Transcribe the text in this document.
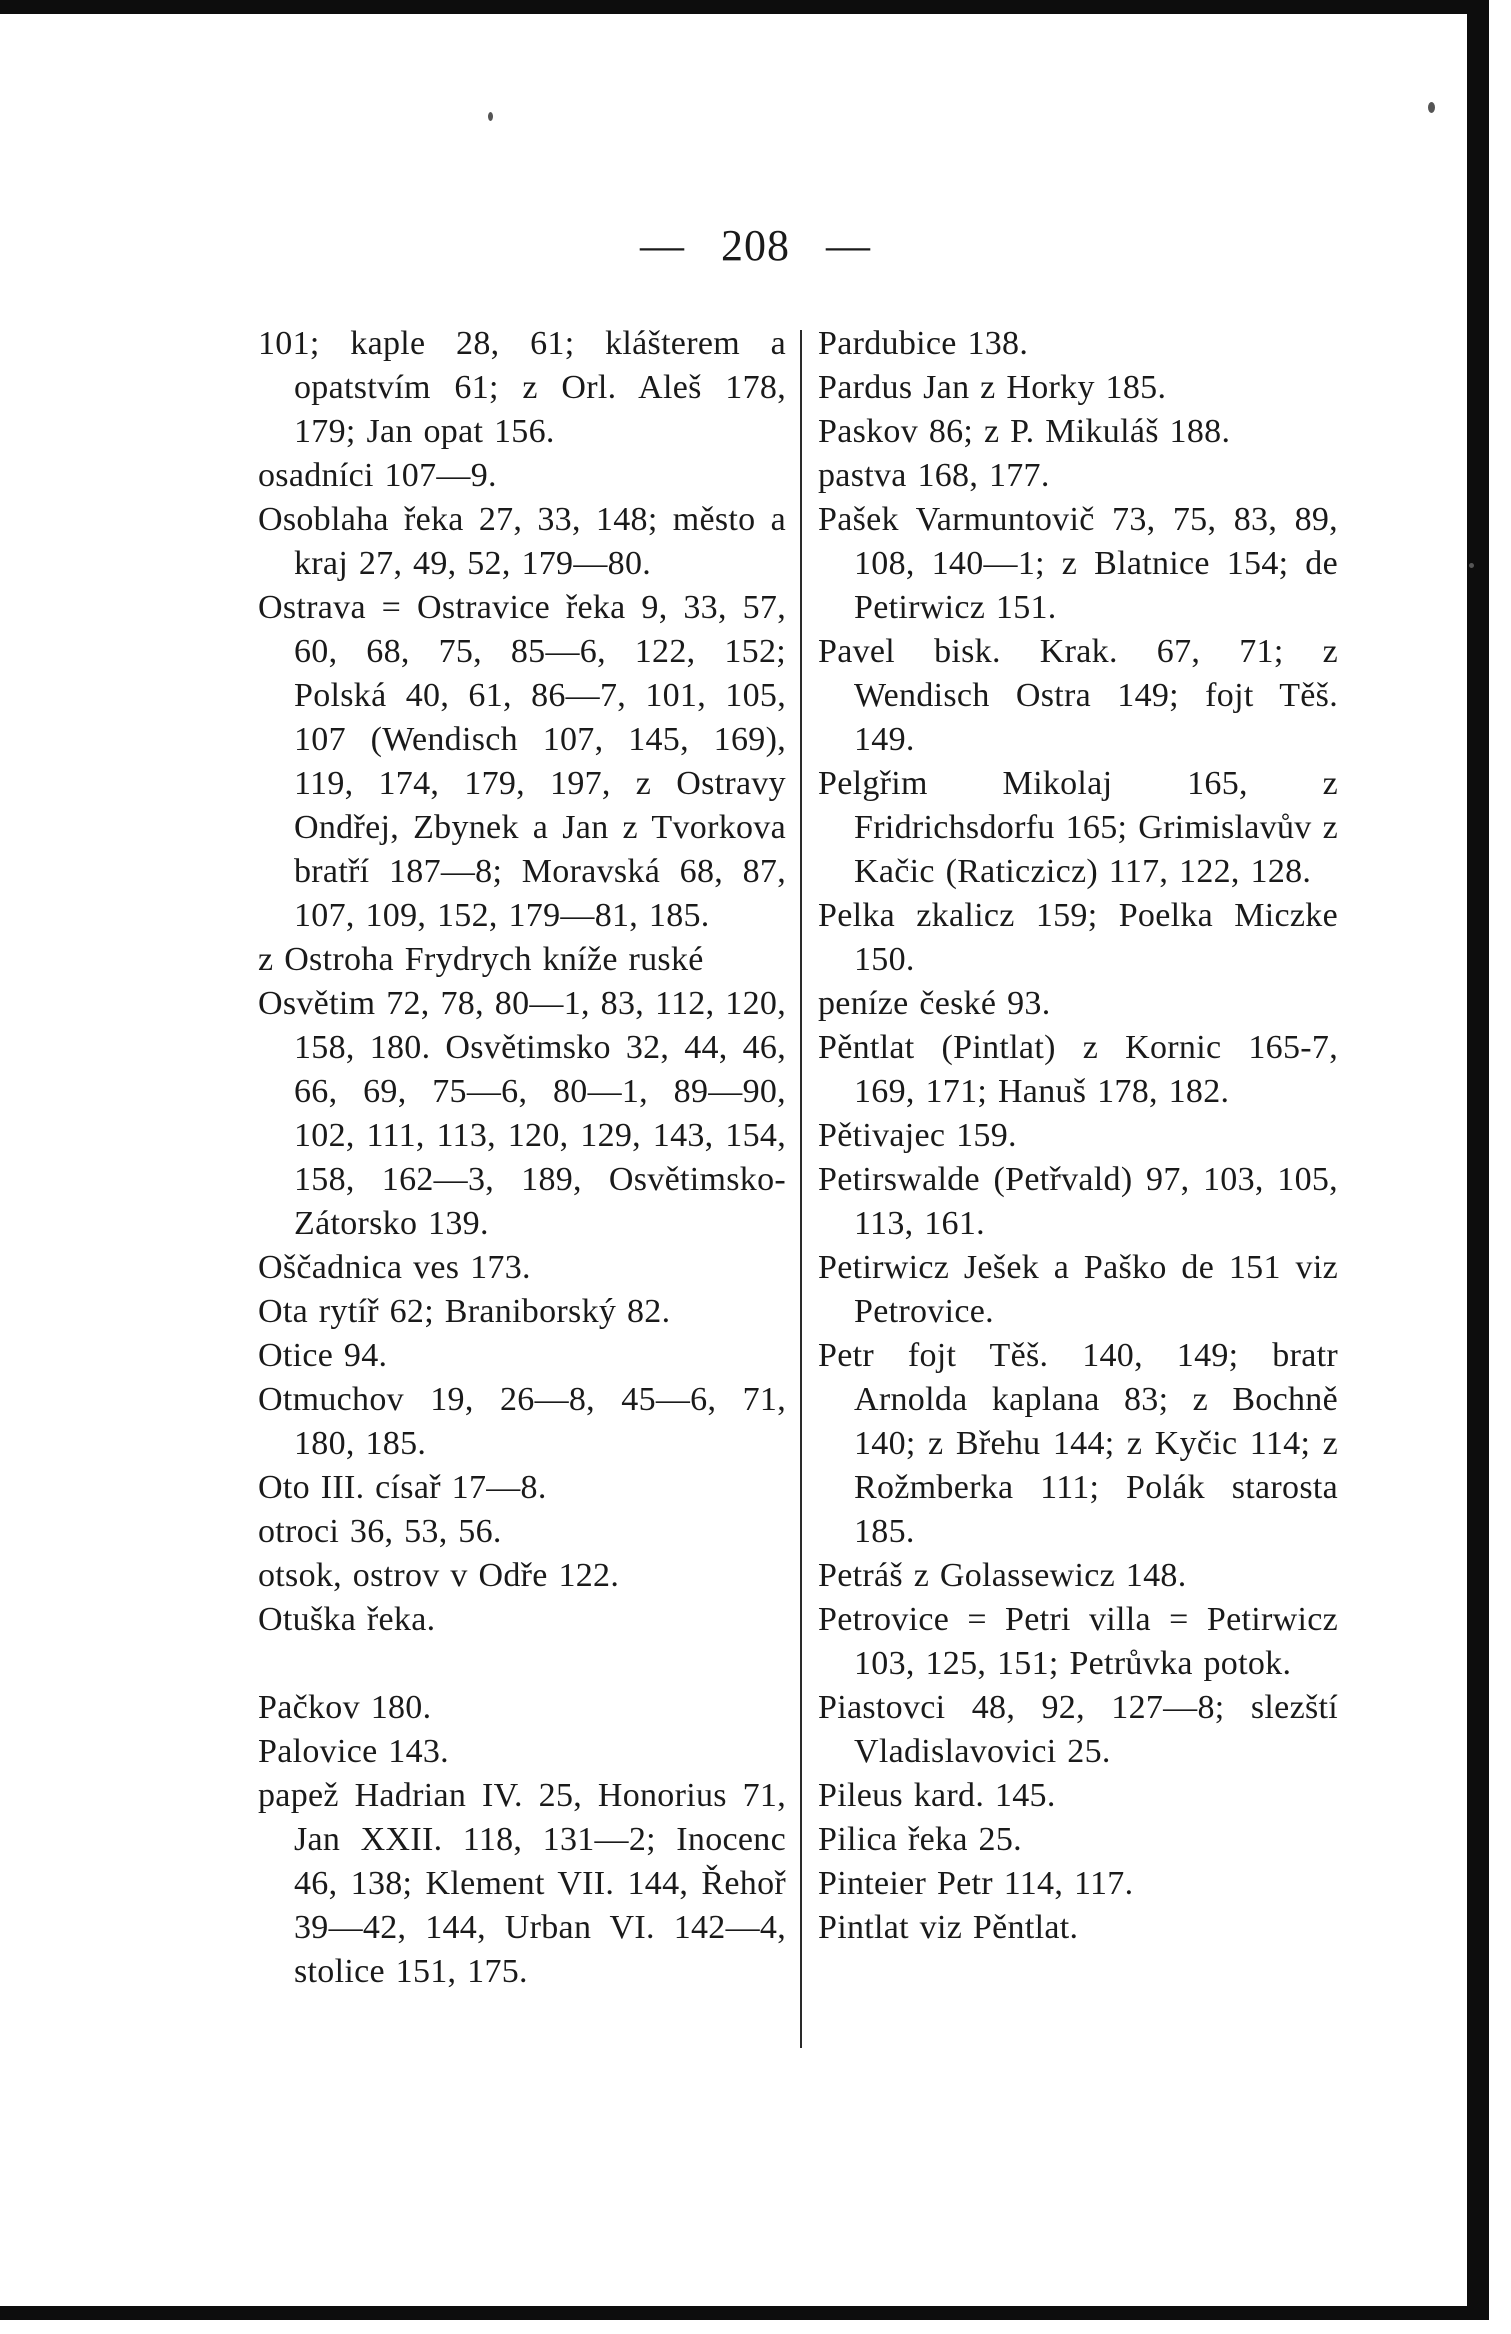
— 208 —

101; kaple 28, 61; klášterem a opatstvím 61; z Orl. Aleš 178, 179; Jan opat 156.

osadníci 107—9.

Osoblaha řeka 27, 33, 148; město a kraj 27, 49, 52, 179—80.

Ostrava = Ostravice řeka 9, 33, 57, 60, 68, 75, 85—6, 122, 152; Polská 40, 61, 86—7, 101, 105, 107 (Wendisch 107, 145, 169), 119, 174, 179, 197, z Ostravy Ondřej, Zbynek a Jan z Tvorkova bratří 187—8; Moravská 68, 87, 107, 109, 152, 179—81, 185.

z Ostroha Frydrych kníže ruské

Osvětim 72, 78, 80—1, 83, 112, 120, 158, 180. Osvětimsko 32, 44, 46, 66, 69, 75—6, 80—1, 89—90, 102, 111, 113, 120, 129, 143, 154, 158, 162—3, 189, Osvětimsko-Zátorsko 139.

Oščadnica ves 173.

Ota rytíř 62; Braniborský 82.

Otice 94.

Otmuchov 19, 26—8, 45—6, 71, 180, 185.

Oto III. císař 17—8.

otroci 36, 53, 56.

otsok, ostrov v Odře 122.

Otuška řeka.

Pačkov 180.

Palovice 143.

papež Hadrian IV. 25, Honorius 71, Jan XXII. 118, 131—2; Inocenc 46, 138; Klement VII. 144, Řehoř 39—42, 144, Urban VI. 142—4, stolice 151, 175.

Pardubice 138.

Pardus Jan z Horky 185.

Paskov 86; z P. Mikuláš 188.

pastva 168, 177.

Pašek Varmuntovič 73, 75, 83, 89, 108, 140—1; z Blatnice 154; de Petirwicz 151.

Pavel bisk. Krak. 67, 71; z Wendisch Ostra 149; fojt Těš. 149.

Pelgřim Mikolaj 165, z Fridrichsdorfu 165; Grimislavův z Kačic (Raticzicz) 117, 122, 128.

Pelka zkalicz 159; Poelka Miczke 150.

peníze české 93.

Pěntlat (Pintlat) z Kornic 165-7, 169, 171; Hanuš 178, 182.

Pětivajec 159.

Petirswalde (Petřvald) 97, 103, 105, 113, 161.

Petirwicz Ješek a Paško de 151 viz Petrovice.

Petr fojt Těš. 140, 149; bratr Arnolda kaplana 83; z Bochně 140; z Břehu 144; z Kyčic 114; z Rožmberka 111; Polák starosta 185.

Petráš z Golassewicz 148.

Petrovice = Petri villa = Petirwicz 103, 125, 151; Petrůvka potok.

Piastovci 48, 92, 127—8; slezští Vladislavovici 25.

Pileus kard. 145.

Pilica řeka 25.

Pinteier Petr 114, 117.

Pintlat viz Pěntlat.
